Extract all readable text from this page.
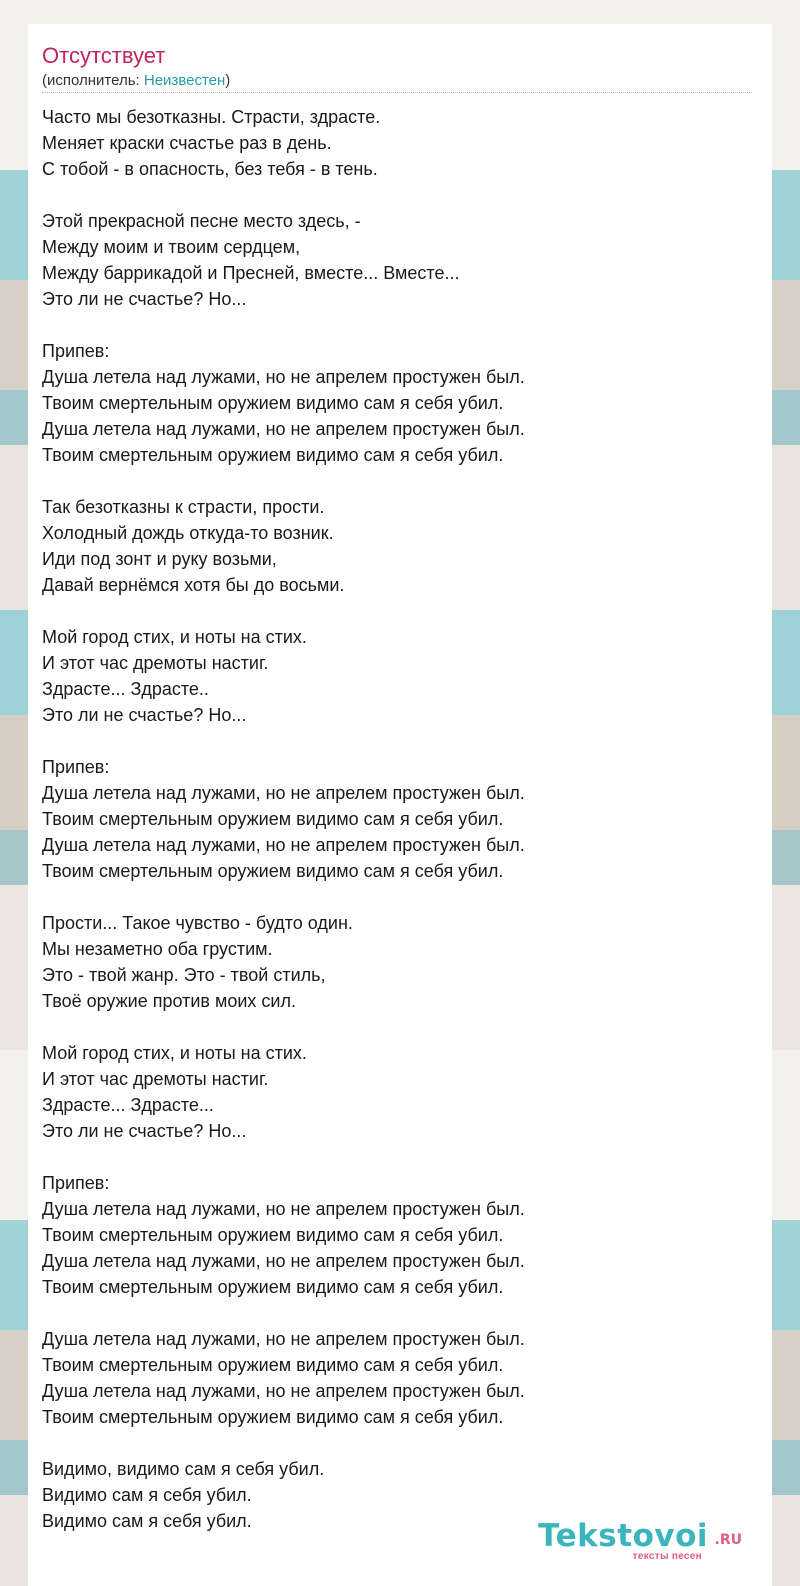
Отсутствует
(исполнитель: Неизвестен)
Часто мы безотказны. Страсти, здрасте.
Меняет краски счастье раз в день.
С тобой - в опасность, без тебя - в тень.

Этой прекрасной песне место здесь, -
Между моим и твоим сердцем,
Между баррикадой и Пресней, вместе... Вместе...
Это ли не счастье? Но...

Припев:
Душа летела над лужами, но не апрелем простужен был.
Твоим смертельным оружием видимо сам я себя убил.
Душа летела над лужами, но не апрелем простужен был.
Твоим смертельным оружием видимо сам я себя убил.

Так безотказны к страсти, прости.
Холодный дождь откуда-то возник.
Иди под зонт и руку возьми,
Давай вернёмся хотя бы до восьми.

Мой город стих, и ноты на стих.
И этот час дремоты настиг.
Здрасте... Здрасте..
Это ли не счастье? Но...

Припев:
Душа летела над лужами, но не апрелем простужен был.
Твоим смертельным оружием видимо сам я себя убил.
Душа летела над лужами, но не апрелем простужен был.
Твоим смертельным оружием видимо сам я себя убил.

Прости... Такое чувство - будто один.
Мы незаметно оба грустим.
Это - твой жанр. Это - твой стиль,
Твоё оружие против моих сил.

Мой город стих, и ноты на стих.
И этот час дремоты настиг.
Здрасте... Здрасте...
Это ли не счастье? Но...

Припев:
Душа летела над лужами, но не апрелем простужен был.
Твоим смертельным оружием видимо сам я себя убил.
Душа летела над лужами, но не апрелем простужен был.
Твоим смертельным оружием видимо сам я себя убил.

Душа летела над лужами, но не апрелем простужен был.
Твоим смертельным оружием видимо сам я себя убил.
Душа летела над лужами, но не апрелем простужен был.
Твоим смертельным оружием видимо сам я себя убил.

Видимо, видимо сам я себя убил.
Видимо сам я себя убил.
Видимо сам я себя убил.	Tekstovoi .RU
тексты песен
